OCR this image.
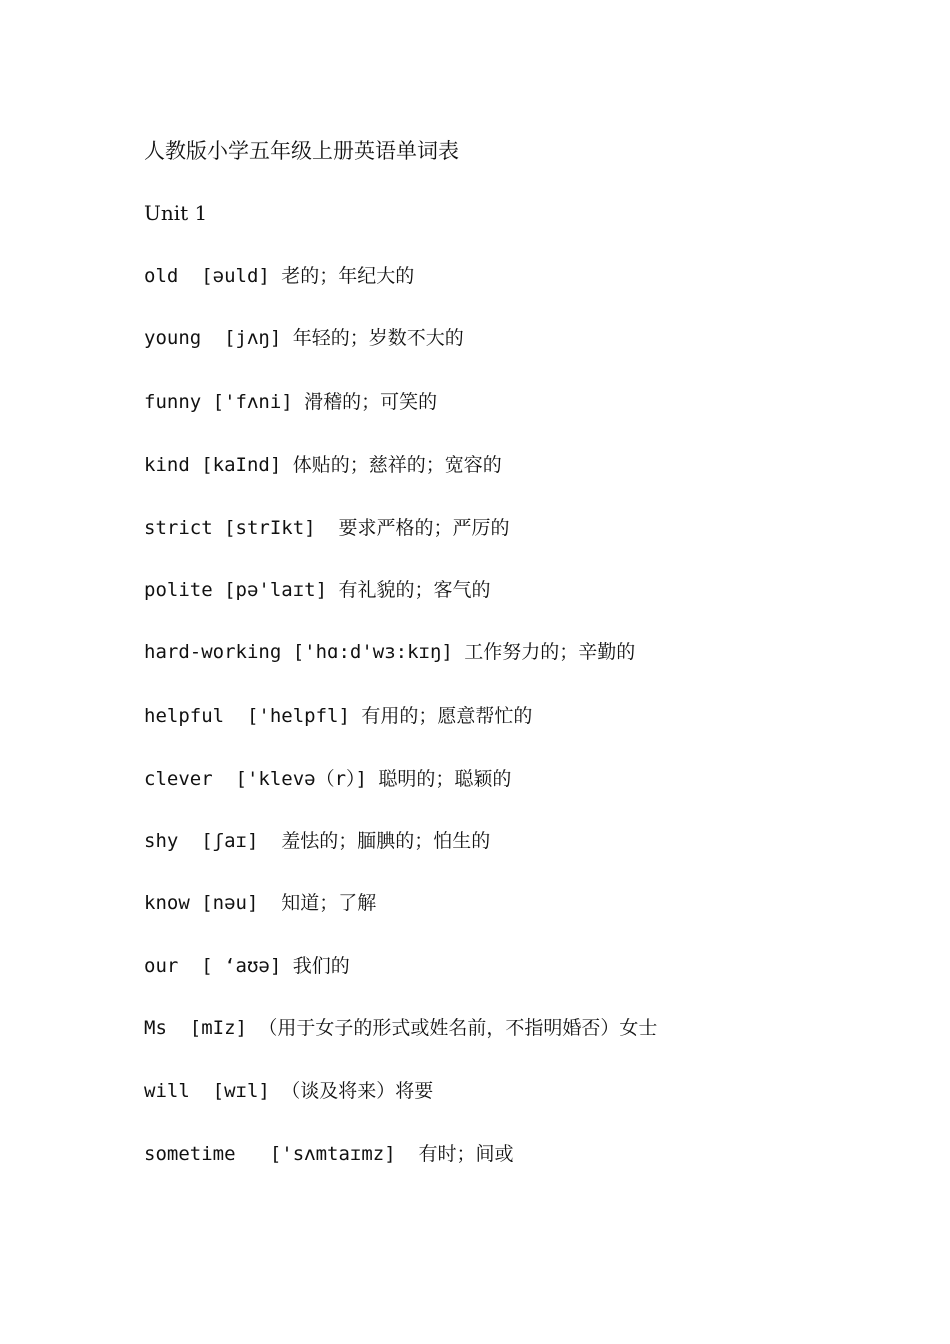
人教版小学五年级上册英语单词表
Unit 1
old  [əuld] 老的；年纪大的
young  [jʌŋ] 年轻的；岁数不大的
funny ['fʌni] 滑稽的；可笑的
kind [kaInd] 体贴的；慈祥的；宽容的
strict [strIkt]  要求严格的；严厉的
polite [pə'laɪt] 有礼貌的；客气的
hard-working ['hɑ:d'wɜ:kɪŋ] 工作努力的；辛勤的
helpful  ['helpfl] 有用的；愿意帮忙的
clever  ['klevə（r）] 聪明的；聪颖的
shy  [ʃaɪ]  羞怯的；腼腆的；怕生的
know [nəu]  知道；了解
our  [ ‘aʊə] 我们的
Ms  [mIz] （用于女子的形式或姓名前，不指明婚否）女士
will  [wɪl] （谈及将来）将要
sometime   ['sʌmtaɪmz]  有时；间或
